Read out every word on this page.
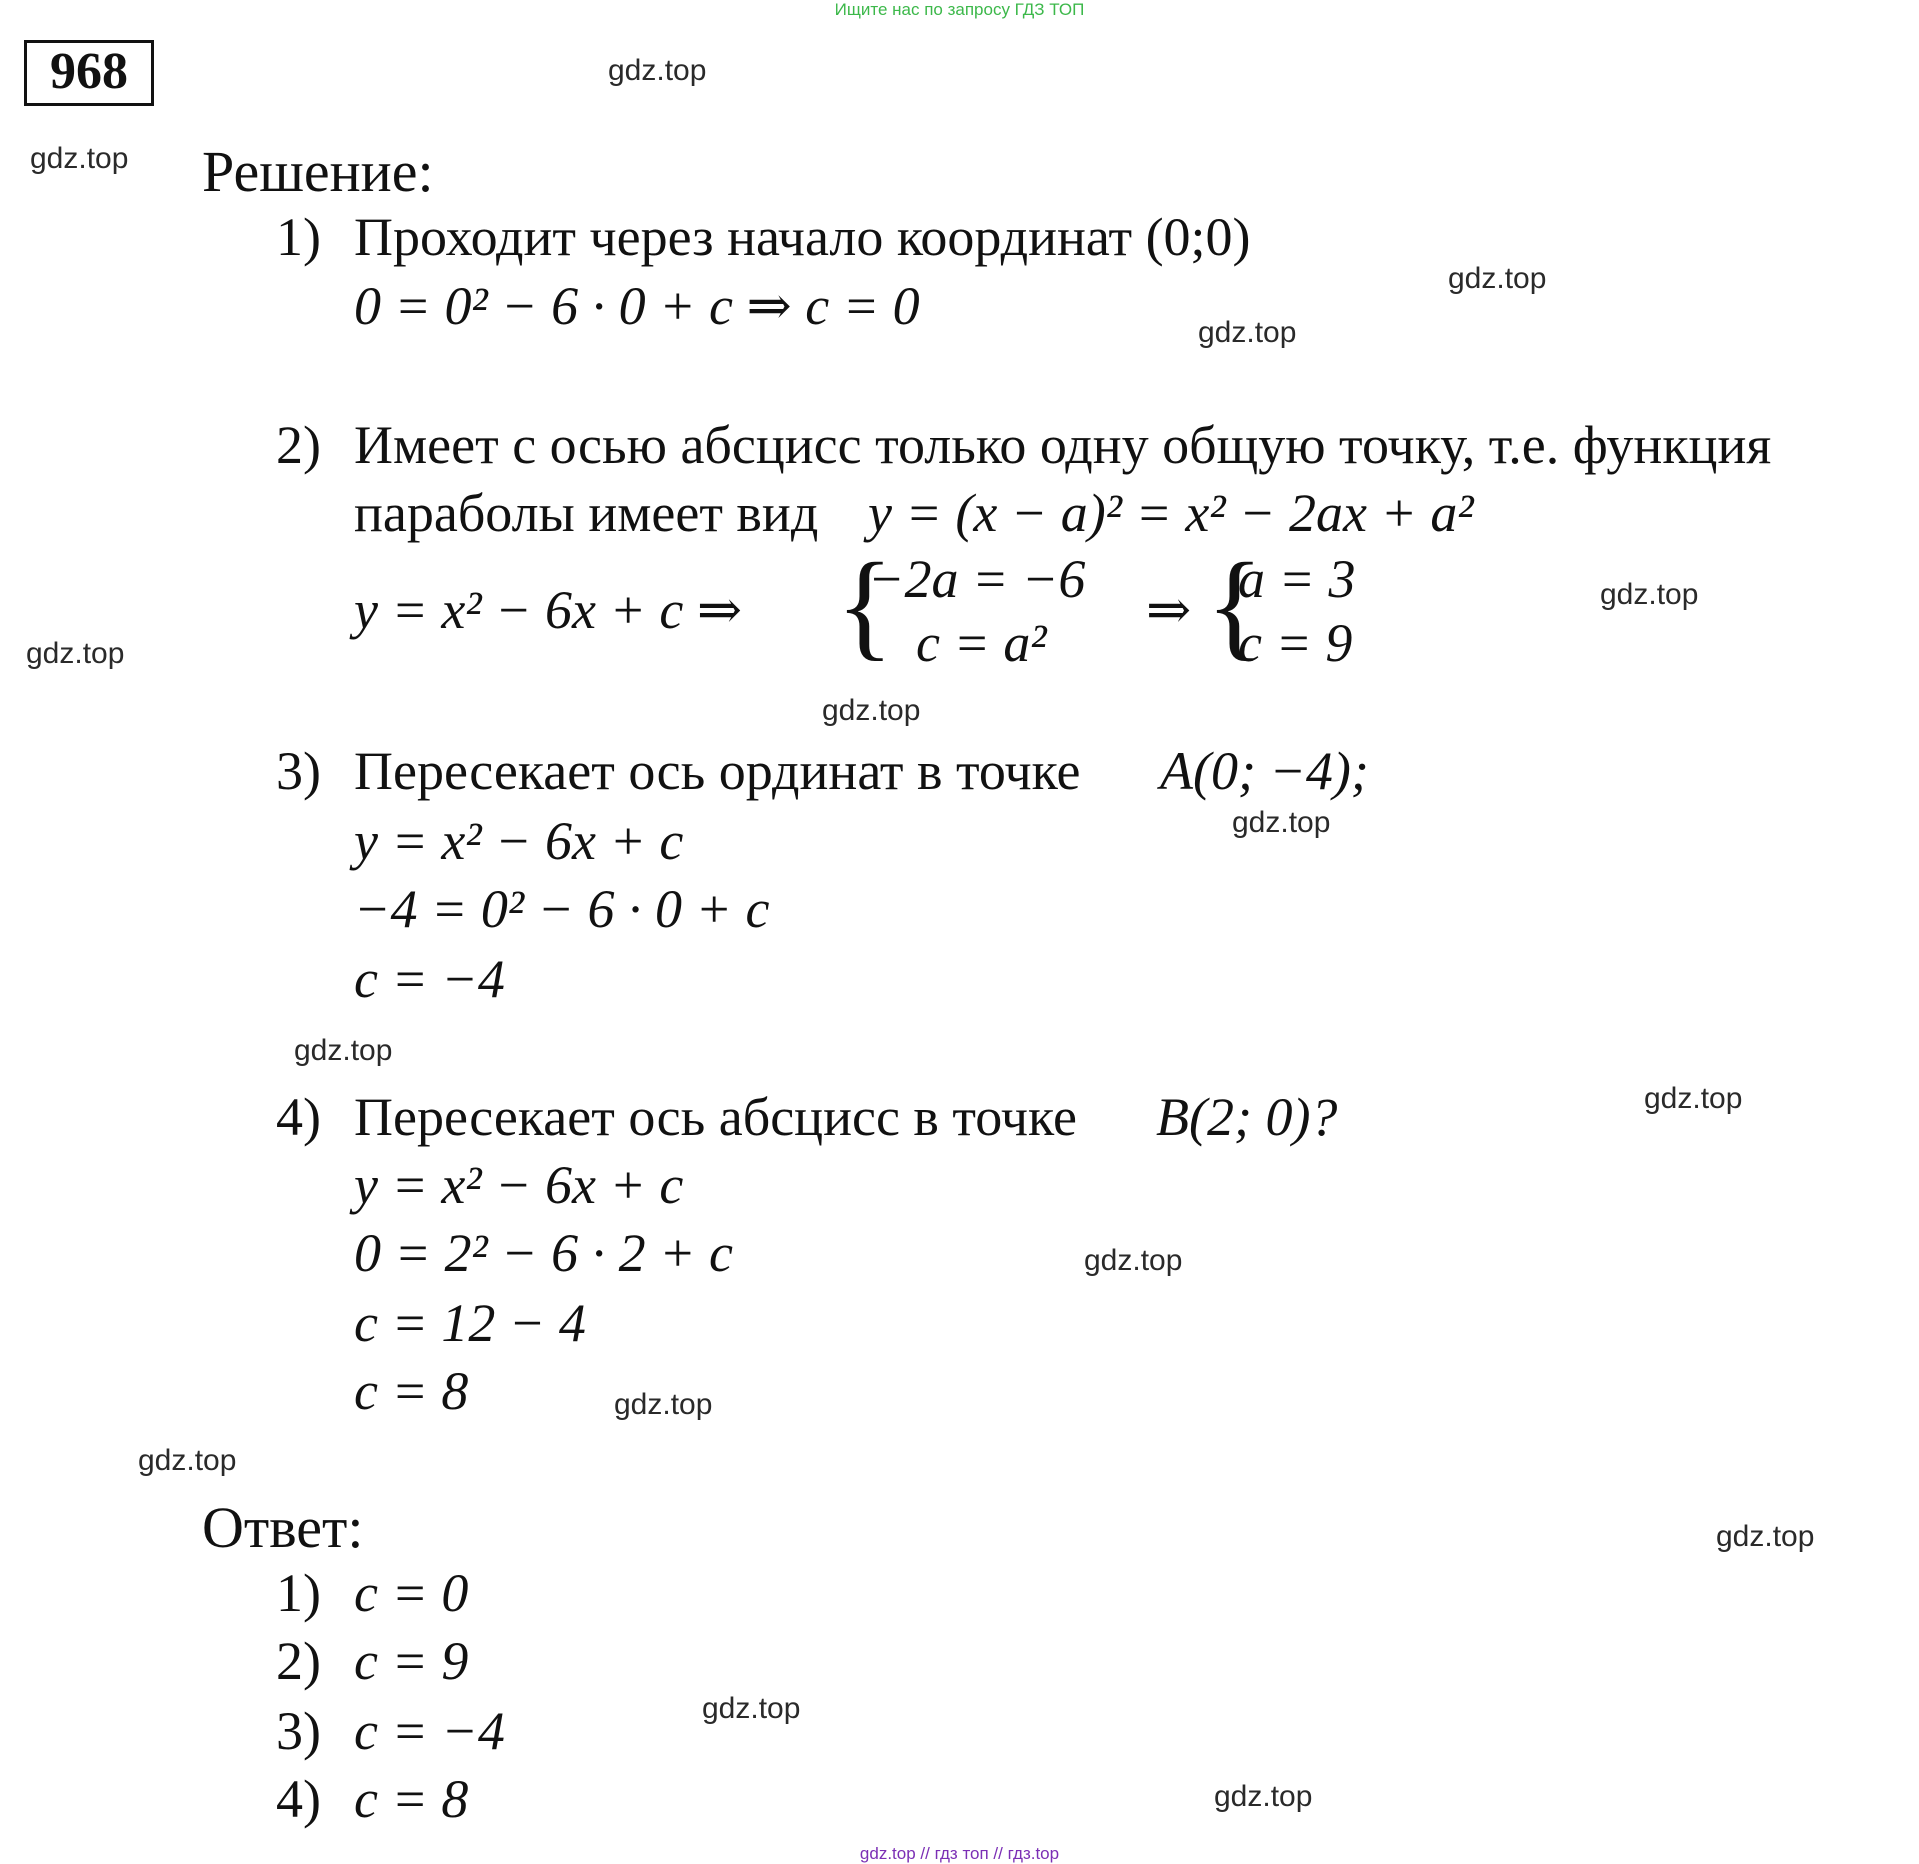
Ищите нас по запросу ГДЗ ТОП
968	gdz.top
gdz.top
gdz.top
gdz.top
gdz.top
gdz.top
gdz.top
gdz.top
gdz.top
gdz.top
gdz.top
gdz.top
gdz.top
gdz.top
gdz.top
gdz.top
Решение:
1) Проходит через начало координат (0;0)
0 = 0² − 6 · 0 + c ⇒ c = 0
2) Имеет с осью абсцисс только одну общую точку, т.е. функция
параболы имеет вид y = (x − a)² = x² − 2ax + a²
y = x² − 6x + c ⇒ {
−2a = −6
c = a²
⇒ {
a = 3
c = 9
3) Пересекает ось ординат в точке A(0; −4);
y = x² − 6x + c
−4 = 0² − 6 · 0 + c
c = −4
4) Пересекает ось абсцисс в точке B(2; 0)?
y = x² − 6x + c
0 = 2² − 6 · 2 + c
c = 12 − 4
c = 8
Ответ:
1) c = 0
2) c = 9
3) c = −4
4) c = 8
gdz.top // гдз топ // гдз.top
